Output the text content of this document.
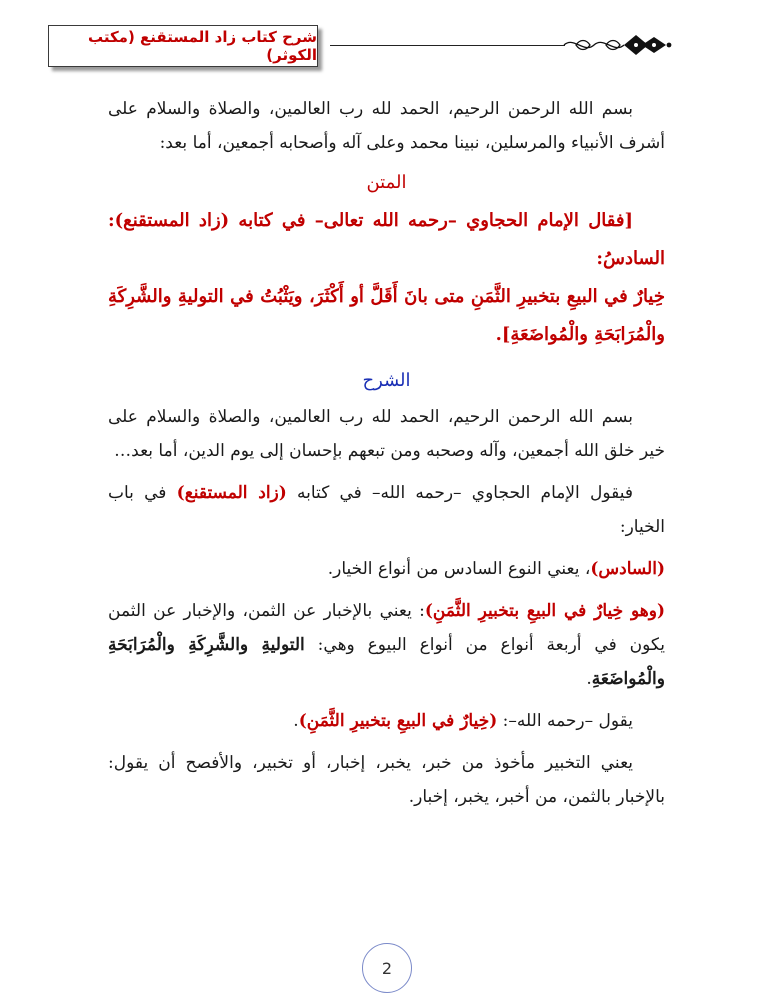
شرح كتاب زاد المستقنع (مكتب الكوثر)

بسم الله الرحمن الرحيم، الحمد لله رب العالمين، والصلاة والسلام على أشرف الأنبياء والمرسلين، نبينا محمد وعلى آله وأصحابه أجمعين، أما بعد:

المتن

[فقال الإمام الحجاوي –رحمه الله تعالى– في كتابه (زاد المستقنع): السادسُ:

خِيارٌ في البيعِ بتخبيرِ الثَّمَنِ متى بانَ أَقَلَّ أو أَكْثَرَ، ويَثْبُتُ في التوليةِ والشَّرِكَةِ والْمُرَابَحَةِ والْمُواضَعَةِ].

الشرح

بسم الله الرحمن الرحيم، الحمد لله رب العالمين، والصلاة والسلام على خير خلق الله أجمعين، وآله وصحبه ومن تبعهم بإحسان إلى يوم الدين، أما بعد…

فيقول الإمام الحجاوي –رحمه الله– في كتابه (زاد المستقنع) في باب الخيار:

(السادس)، يعني النوع السادس من أنواع الخيار.

(وهو خِيارٌ في البيعِ بتخبيرِ الثَّمَنِ): يعني بالإخبار عن الثمن، والإخبار عن الثمن يكون في أربعة أنواع من أنواع البيوع وهي: التوليةِ والشَّرِكَةِ والْمُرَابَحَةِ والْمُواضَعَةِ.

يقول –رحمه الله–: (خِيارٌ في البيعِ بتخبيرِ الثَّمَنِ).

يعني التخبير مأخوذ من خبر، يخبر، إخبار، أو تخبير، والأفصح أن يقول: بالإخبار بالثمن، من أخبر، يخبر، إخبار.

2
